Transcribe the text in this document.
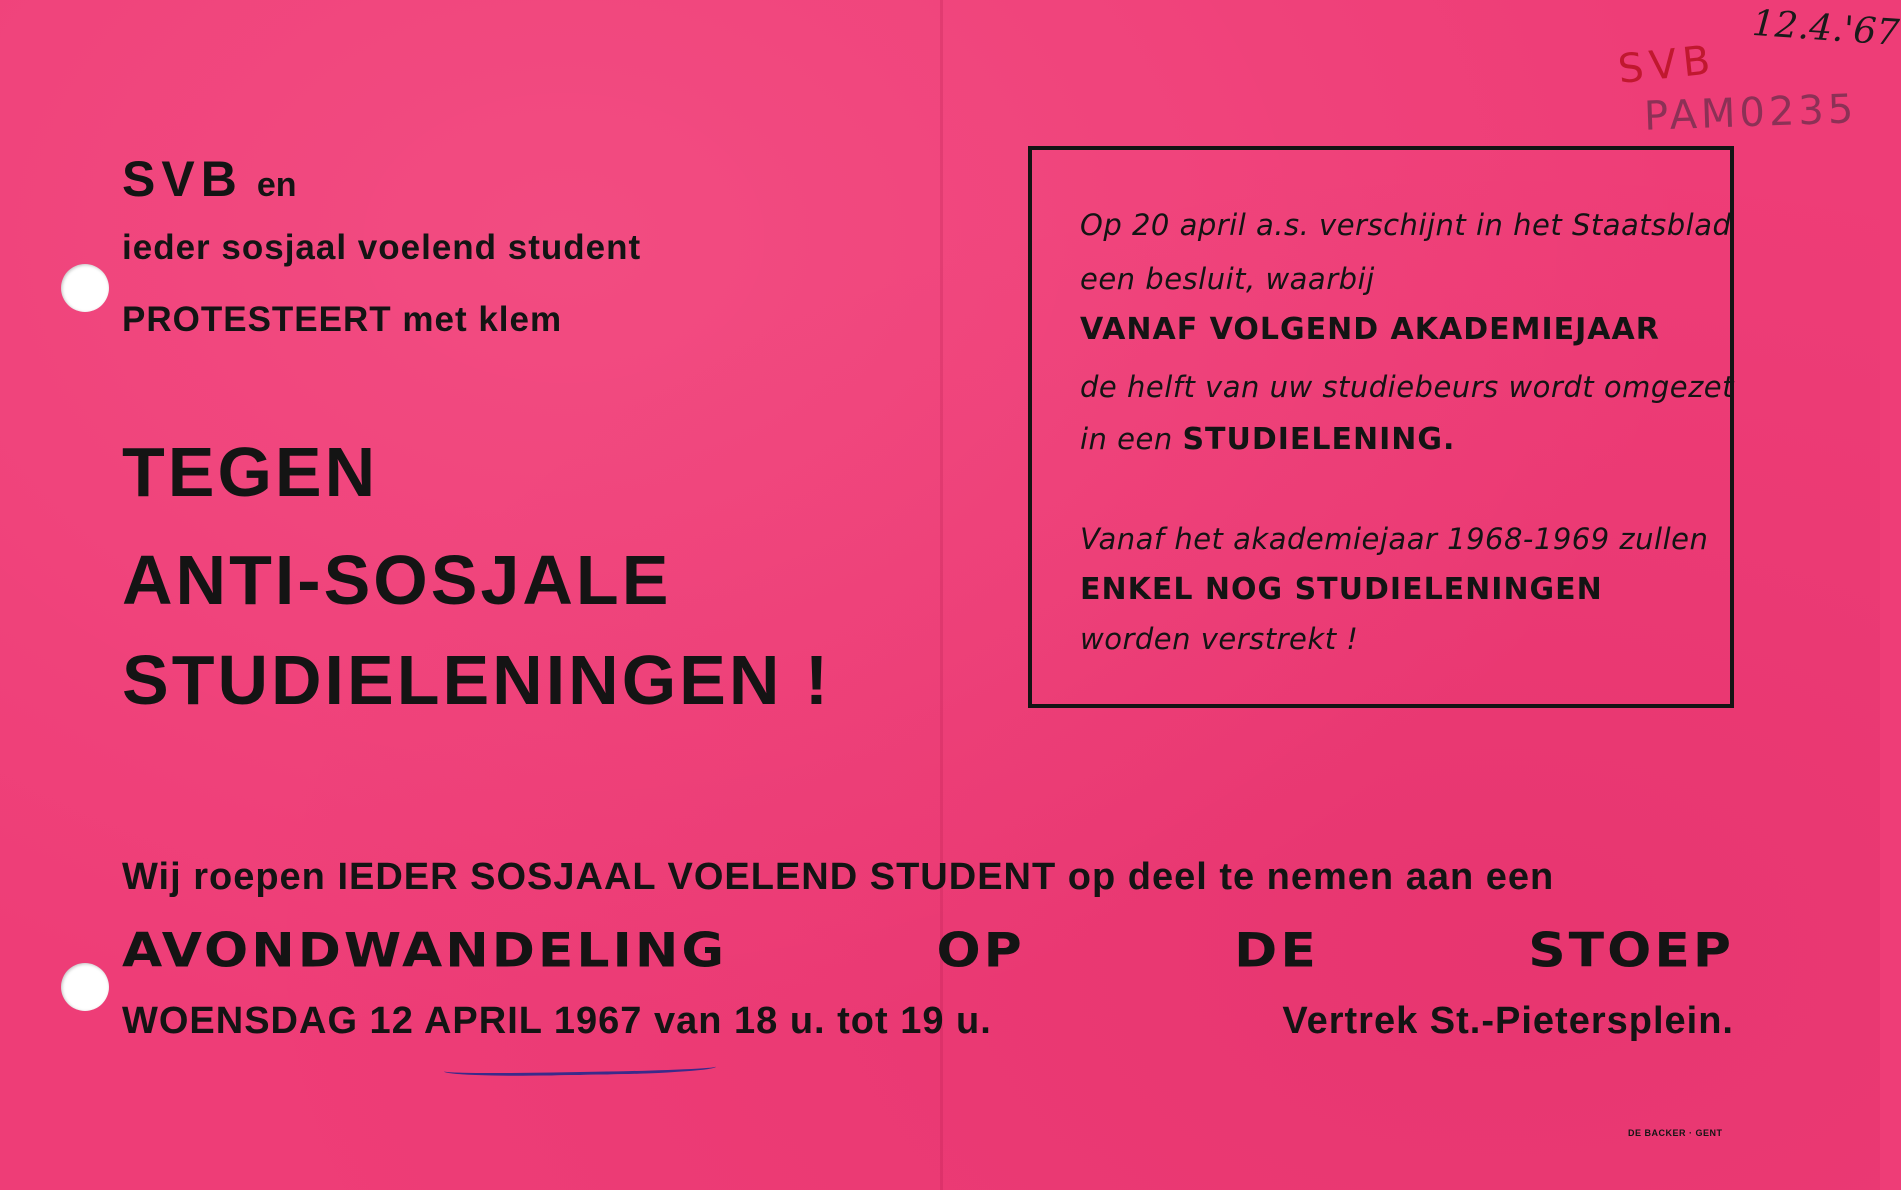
12.4.'67
SVB
PAM0235
SVB en
ieder sosjaal voelend student
PROTESTEERT met klem
TEGEN
ANTI-SOSJALE
STUDIELENINGEN !
Op 20 april a.s. verschijnt in het Staatsblad
een besluit, waarbij
VANAF VOLGEND AKADEMIEJAAR
de helft van uw studiebeurs wordt omgezet
in een STUDIELENING.
Vanaf het akademiejaar 1968-1969 zullen
ENKEL NOG STUDIELENINGEN
worden verstrekt !
Wij roepen IEDER SOSJAAL VOELEND STUDENT op deel te nemen aan een
AVONDWANDELING	OP	DE	STOEP
WOENSDAG 12 APRIL 1967 van 18 u. tot 19 u.	Vertrek St.-Pietersplein.
DE BACKER · GENT
